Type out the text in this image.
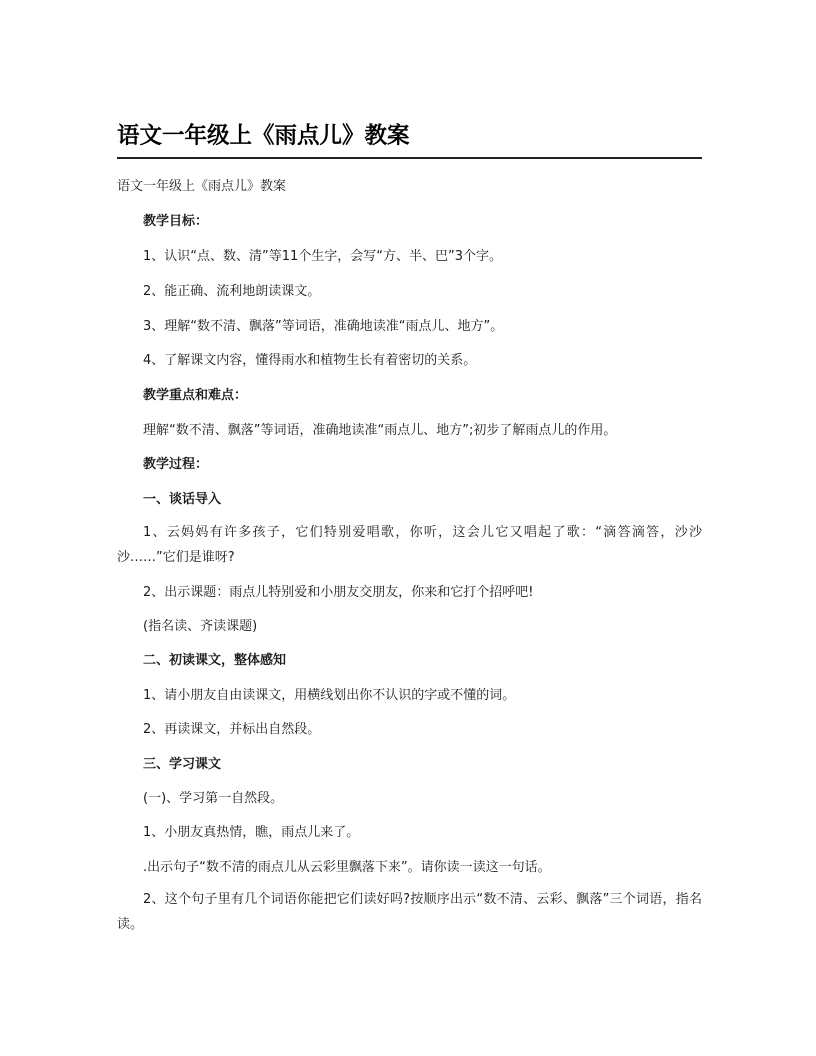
语文一年级上《雨点儿》教案

语文一年级上《雨点儿》教案

教学目标：

1、认识“点、数、清”等11个生字，会写“方、半、巴”3个字。

2、能正确、流利地朗读课文。

3、理解“数不清、飘落”等词语，准确地读准“雨点儿、地方”。

4、了解课文内容，懂得雨水和植物生长有着密切的关系。

教学重点和难点：

理解“数不清、飘落”等词语，准确地读准“雨点儿、地方”;初步了解雨点儿的作用。

教学过程：

一、谈话导入

1、云妈妈有许多孩子，它们特别爱唱歌，你听，这会儿它又唱起了歌：“滴答滴答，沙沙沙……”它们是谁呀?

2、出示课题：雨点儿特别爱和小朋友交朋友，你来和它打个招呼吧!

(指名读、齐读课题)

二、初读课文，整体感知

1、请小朋友自由读课文，用横线划出你不认识的字或不懂的词。

2、再读课文，并标出自然段。

三、学习课文

(一)、学习第一自然段。

1、小朋友真热情，瞧，雨点儿来了。

.出示句子“数不清的雨点儿从云彩里飘落下来”。请你读一读这一句话。

2、这个句子里有几个词语你能把它们读好吗?按顺序出示“数不清、云彩、飘落”三个词语，指名读。
